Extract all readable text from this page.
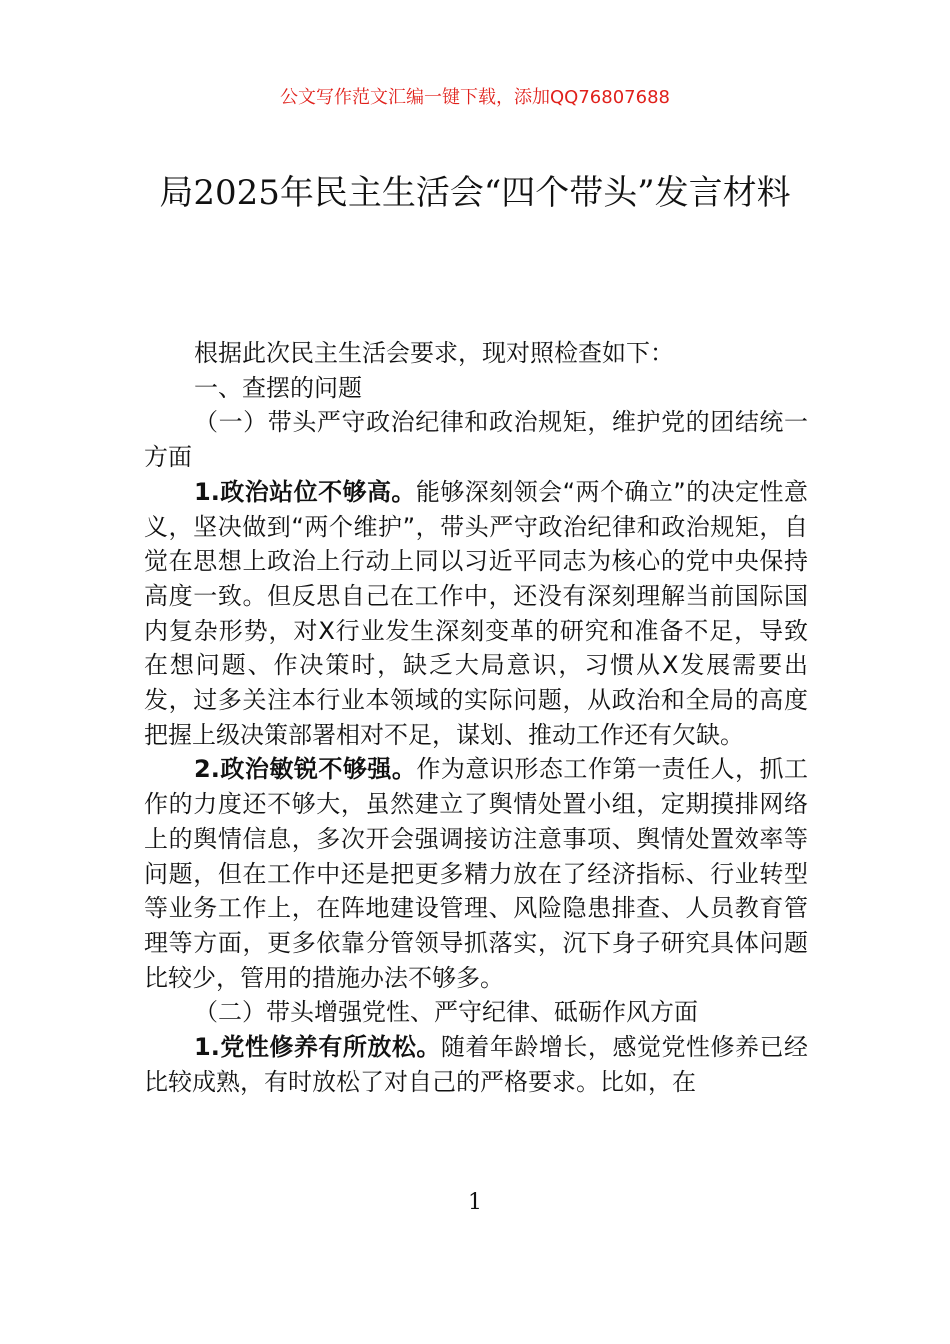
公文写作范文汇编一键下载，添加QQ76807688
局2025年民主生活会“四个带头”发言材料

根据此次民主生活会要求，现对照检查如下：

一、查摆的问题

（一）带头严守政治纪律和政治规矩，维护党的团结统一方面

1.政治站位不够高。能够深刻领会“两个确立”的决定性意义，坚决做到“两个维护”，带头严守政治纪律和政治规矩，自觉在思想上政治上行动上同以习近平同志为核心的党中央保持高度一致。但反思自己在工作中，还没有深刻理解当前国际国内复杂形势，对X行业发生深刻变革的研究和准备不足，导致在想问题、作决策时，缺乏大局意识，习惯从X发展需要出发，过多关注本行业本领域的实际问题，从政治和全局的高度把握上级决策部署相对不足，谋划、推动工作还有欠缺。

2.政治敏锐不够强。作为意识形态工作第一责任人，抓工作的力度还不够大，虽然建立了舆情处置小组，定期摸排网络上的舆情信息，多次开会强调接访注意事项、舆情处置效率等问题，但在工作中还是把更多精力放在了经济指标、行业转型等业务工作上，在阵地建设管理、风险隐患排查、人员教育管理等方面，更多依靠分管领导抓落实，沉下身子研究具体问题比较少，管用的措施办法不够多。

（二）带头增强党性、严守纪律、砥砺作风方面

1.党性修养有所放松。随着年龄增长，感觉党性修养已经比较成熟，有时放松了对自己的严格要求。比如，在

1
